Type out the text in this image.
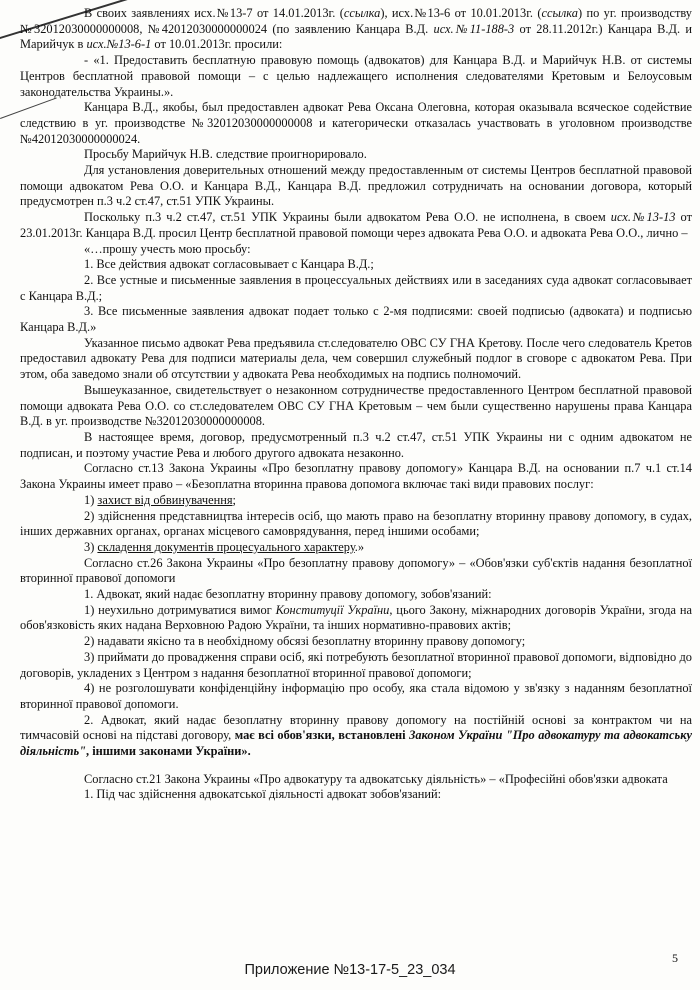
В своих заявлениях исх.№13-7 от 14.01.2013г. (ссылка), исх.№13-6 от 10.01.2013г. (ссылка) по уг. производству №32012030000000008, №42012030000000024 (по заявлению Канцара В.Д. исх.№11-188-3 от 28.11.2012г.) Канцара В.Д. и Марийчук в исх.№13-6-1 от 10.01.2013г. просили:

- «1. Предоставить бесплатную правовую помощь (адвокатов) для Канцара В.Д. и Марийчук Н.В. от системы Центров бесплатной правовой помощи – с целью надлежащего исполнения следователями Кретовым и Белоусовым законодательства Украины.».

Канцара В.Д., якобы, был предоставлен адвокат Рева Оксана Олеговна, которая оказывала всяческое содействие следствию в уг. производстве №32012030000000008 и категорически отказалась участвовать в уголовном производстве №42012030000000024.

Просьбу Марийчук Н.В. следствие проигнорировало.

Для установления доверительных отношений между предоставленным от системы Центров бесплатной правовой помощи адвокатом Рева О.О. и Канцара В.Д., Канцара В.Д. предложил сотрудничать на основании договора, который предусмотрен п.3 ч.2 ст.47, ст.51 УПК Украины.

Поскольку п.3 ч.2 ст.47, ст.51 УПК Украины были адвокатом Рева О.О. не исполнена, в своем исх.№13-13 от 23.01.2013г. Канцара В.Д. просил Центр бесплатной правовой помощи через адвоката Рева О.О. и адвоката Рева О.О., лично –

«…прошу учесть мою просьбу:

1. Все действия адвокат согласовывает с Канцара В.Д.;

2. Все устные и письменные заявления в процессуальных действиях или в заседаниях суда адвокат согласовывает с Канцара В.Д.;

3. Все письменные заявления адвокат подает только с 2-мя подписями: своей подписью (адвоката) и подписью Канцара В.Д.»

Указанное письмо адвокат Рева предъявила ст.следователю ОВС СУ ГНА Кретову. После чего следователь Кретов предоставил адвокату Рева для подписи материалы дела, чем совершил служебный подлог в сговоре с адвокатом Рева. При этом, оба заведомо знали об отсутствии у адвоката Рева необходимых на подпись полномочий.

Вышеуказанное, свидетельствует о незаконном сотрудничестве предоставленного Центром бесплатной правовой помощи адвоката Рева О.О. со ст.следователем ОВС СУ ГНА Кретовым – чем были существенно нарушены права Канцара В.Д. в уг. производстве №32012030000000008.

В настоящее время, договор, предусмотренный п.3 ч.2 ст.47, ст.51 УПК Украины ни с одним адвокатом не подписан, и поэтому участие Рева и любого другого адвоката незаконно.

Согласно ст.13 Закона Украины «Про безоплатну правову допомогу» Канцара В.Д. на основании п.7 ч.1 ст.14 Закона Украины имеет право – «Безоплатна вторинна правова допомога включає такі види правових послуг:

1) захист від обвинувачення;

2) здійснення представництва інтересів осіб, що мають право на безоплатну вторинну правову допомогу, в судах, інших державних органах, органах місцевого самоврядування, перед іншими особами;

3) складення документів процесуального характеру.»

Согласно ст.26 Закона Украины «Про безоплатну правову допомогу» – «Обов'язки суб'єктів надання безоплатної вторинної правової допомоги

1. Адвокат, який надає безоплатну вторинну правову допомогу, зобов'язаний:

1) неухильно дотримуватися вимог Конституції України, цього Закону, міжнародних договорів України, згода на обов'язковість яких надана Верховною Радою України, та інших нормативно-правових актів;

2) надавати якісно та в необхідному обсязі безоплатну вторинну правову допомогу;

3) приймати до провадження справи осіб, які потребують безоплатної вторинної правової допомоги, відповідно до договорів, укладених з Центром з надання безоплатної вторинної правової допомоги;

4) не розголошувати конфіденційну інформацію про особу, яка стала відомою у зв'язку з наданням безоплатної вторинної правової допомоги.

2. Адвокат, який надає безоплатну вторинну правову допомогу на постійній основі за контрактом чи на тимчасовій основі на підставі договору, має всі обов'язки, встановлені Законом України "Про адвокатуру та адвокатську діяльність", іншими законами України».

Согласно ст.21 Закона Украины «Про адвокатуру та адвокатську діяльність» – «Професійні обов'язки адвоката

1. Під час здійснення адвокатської діяльності адвокат зобов'язаний:

5
Приложение №13-17-5_23_034
